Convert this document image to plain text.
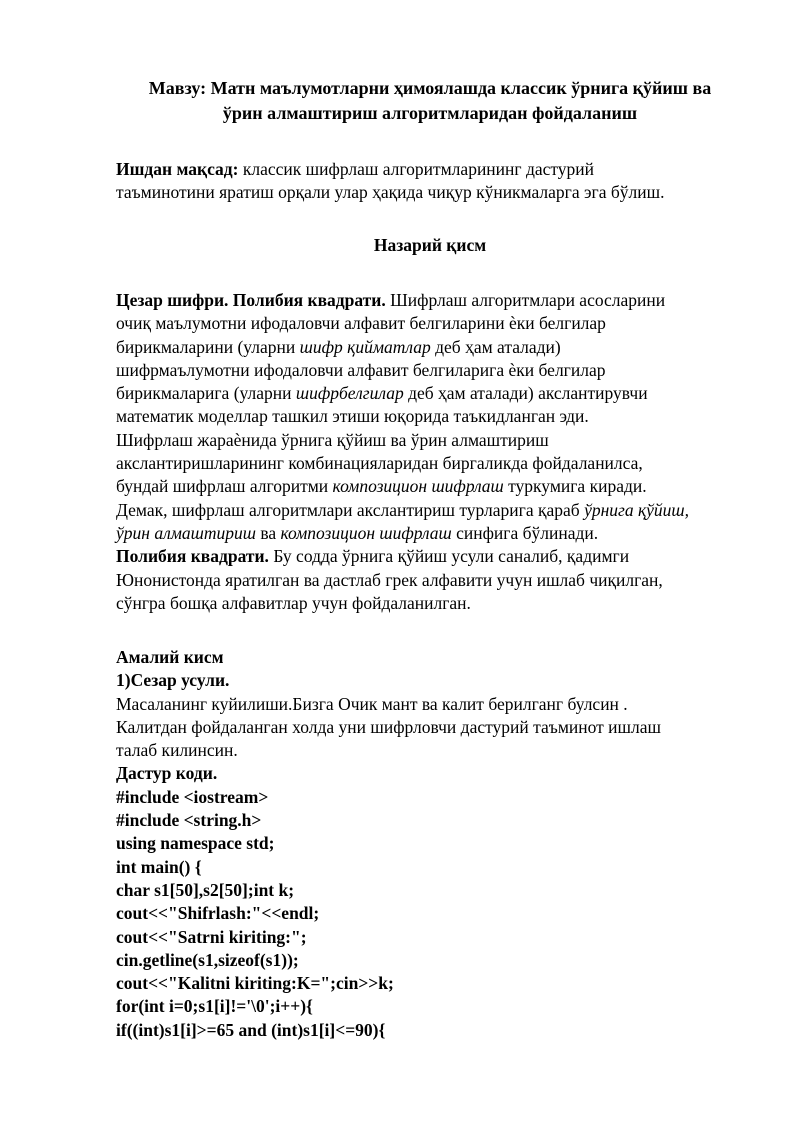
Мавзу: Матн маълумотларни ҳимоялашда классик ўрнига қўйиш ва
ўрин алмаштириш алгоритмларидан фойдаланиш
Ишдан мақсад: классик шифрлаш алгоритмларининг дастурий
таъминотини яратиш орқали улар ҳақида чиқур кўникмаларга эга бўлиш.
Назарий қисм
Цезар шифри. Полибия квадрати. Шифрлаш алгоритмлари асосларини
очиқ маълумотни ифодаловчи алфавит белгиларини ѐки белгилар
бирикмаларини (уларни шифр қийматлар деб ҳам аталади)
шифрмаълумотни ифодаловчи алфавит белгиларига ѐки белгилар
бирикмаларига (уларни шифрбелгилар деб ҳам аталади) акслантирувчи
математик моделлар ташкил этиши юқорида таъкидланган эди.
Шифрлаш жараѐнида ўрнига қўйиш ва ўрин алмаштириш
акслантиришларининг комбинацияларидан биргаликда фойдаланилса,
бундай шифрлаш алгоритми композицион шифрлаш туркумига киради.
Демак, шифрлаш алгоритмлари акслантириш турларига қараб ўрнига қўйиш,
ўрин алмаштириш ва композицион шифрлаш синфига бўлинади.
Полибия квадрати. Бу содда ўрнига қўйиш усули саналиб, қадимги
Юнонистонда яратилган ва дастлаб грек алфавити учун ишлаб чиқилган,
сўнгра бошқа алфавитлар учун фойдаланилган.
Амалий кисм
1)Сезар усули.
Масаланинг куйилиши.Бизга Очик мант ва калит берилганг булсин .
Калитдан фойдаланган холда уни шифрловчи дастурий таъминот ишлаш
талаб килинсин.
Дастур коди.
#include <iostream>
#include <string.h>
using namespace std;
int main() {
char s1[50],s2[50];int k;
cout<<"Shifrlash:"<<endl;
cout<<"Satrni kiriting:";
cin.getline(s1,sizeof(s1));
cout<<"Kalitni kiriting:K=";cin>>k;
for(int i=0;s1[i]!='\0';i++){
if((int)s1[i]>=65 and (int)s1[i]<=90){
